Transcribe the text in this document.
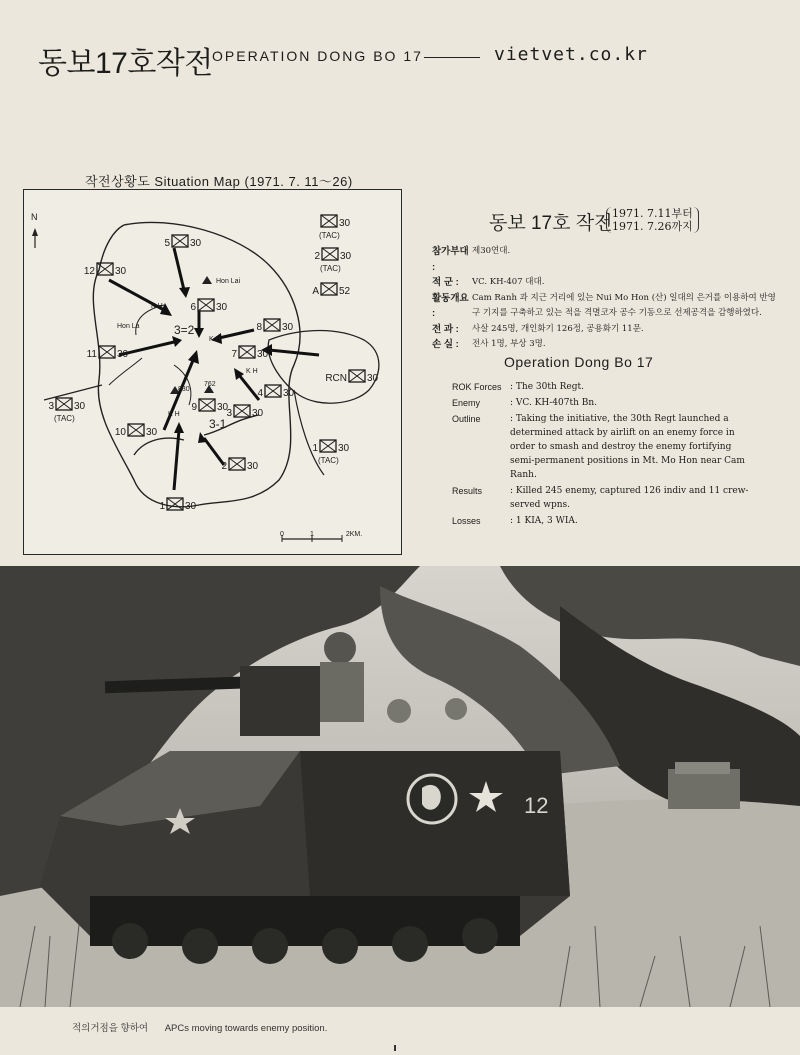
동보17호작전 OPERATION DONG BO 17	vietvet.co.kr
작전상황도 Situation Map (1971. 7. 11～26)
5 30
12 30
6 30
8 30
11 30	7 30
3 30
(TAC)
9 30
3 30
4 30
10 30
2 30
1 30
1 30
(TAC)
30
(TAC)
2 30
(TAC)
A 52
RCN 30
Hon Lai
Hon La
830
762
3=2
3-1
K H
K H
K H
K H
N
0	1	2KM.
동보 17호 작전 1971. 7.11부터
1971. 7.26까지
참가부대 :
제30연대.
적 군 :	VC. KH-407 대대.
활동개요 :
Cam Ranh 과 지근 거리에 있는 Nui Mo Hon (산) 일대의 은거를 이용하여 반영구 기지를 구축하고 있는 적을 격멸코자 공수 기동으로 선제공격을 감행하였다.
전 과 :	사살 245명, 개인화기 126정, 공용화기 11문.
손 실 :	전사 1명, 부상 3명.
Operation Dong Bo 17
ROK Forces : The 30th Regt.
Enemy	: VC. KH-407th Bn.
Outline	: Taking the initiative, the 30th Regt launched a determined attack by airlift on an enemy force in order to smash and destroy the enemy fortifying semi-permanent positions in Mt. Mo Hon near Cam Ranh.
Results	: Killed 245 enemy, captured 126 indiv and 11 crew-served wpns.
Losses	: 1 KIA, 3 WIA.
12
적의거점을 향하여 APCs moving towards enemy position.
